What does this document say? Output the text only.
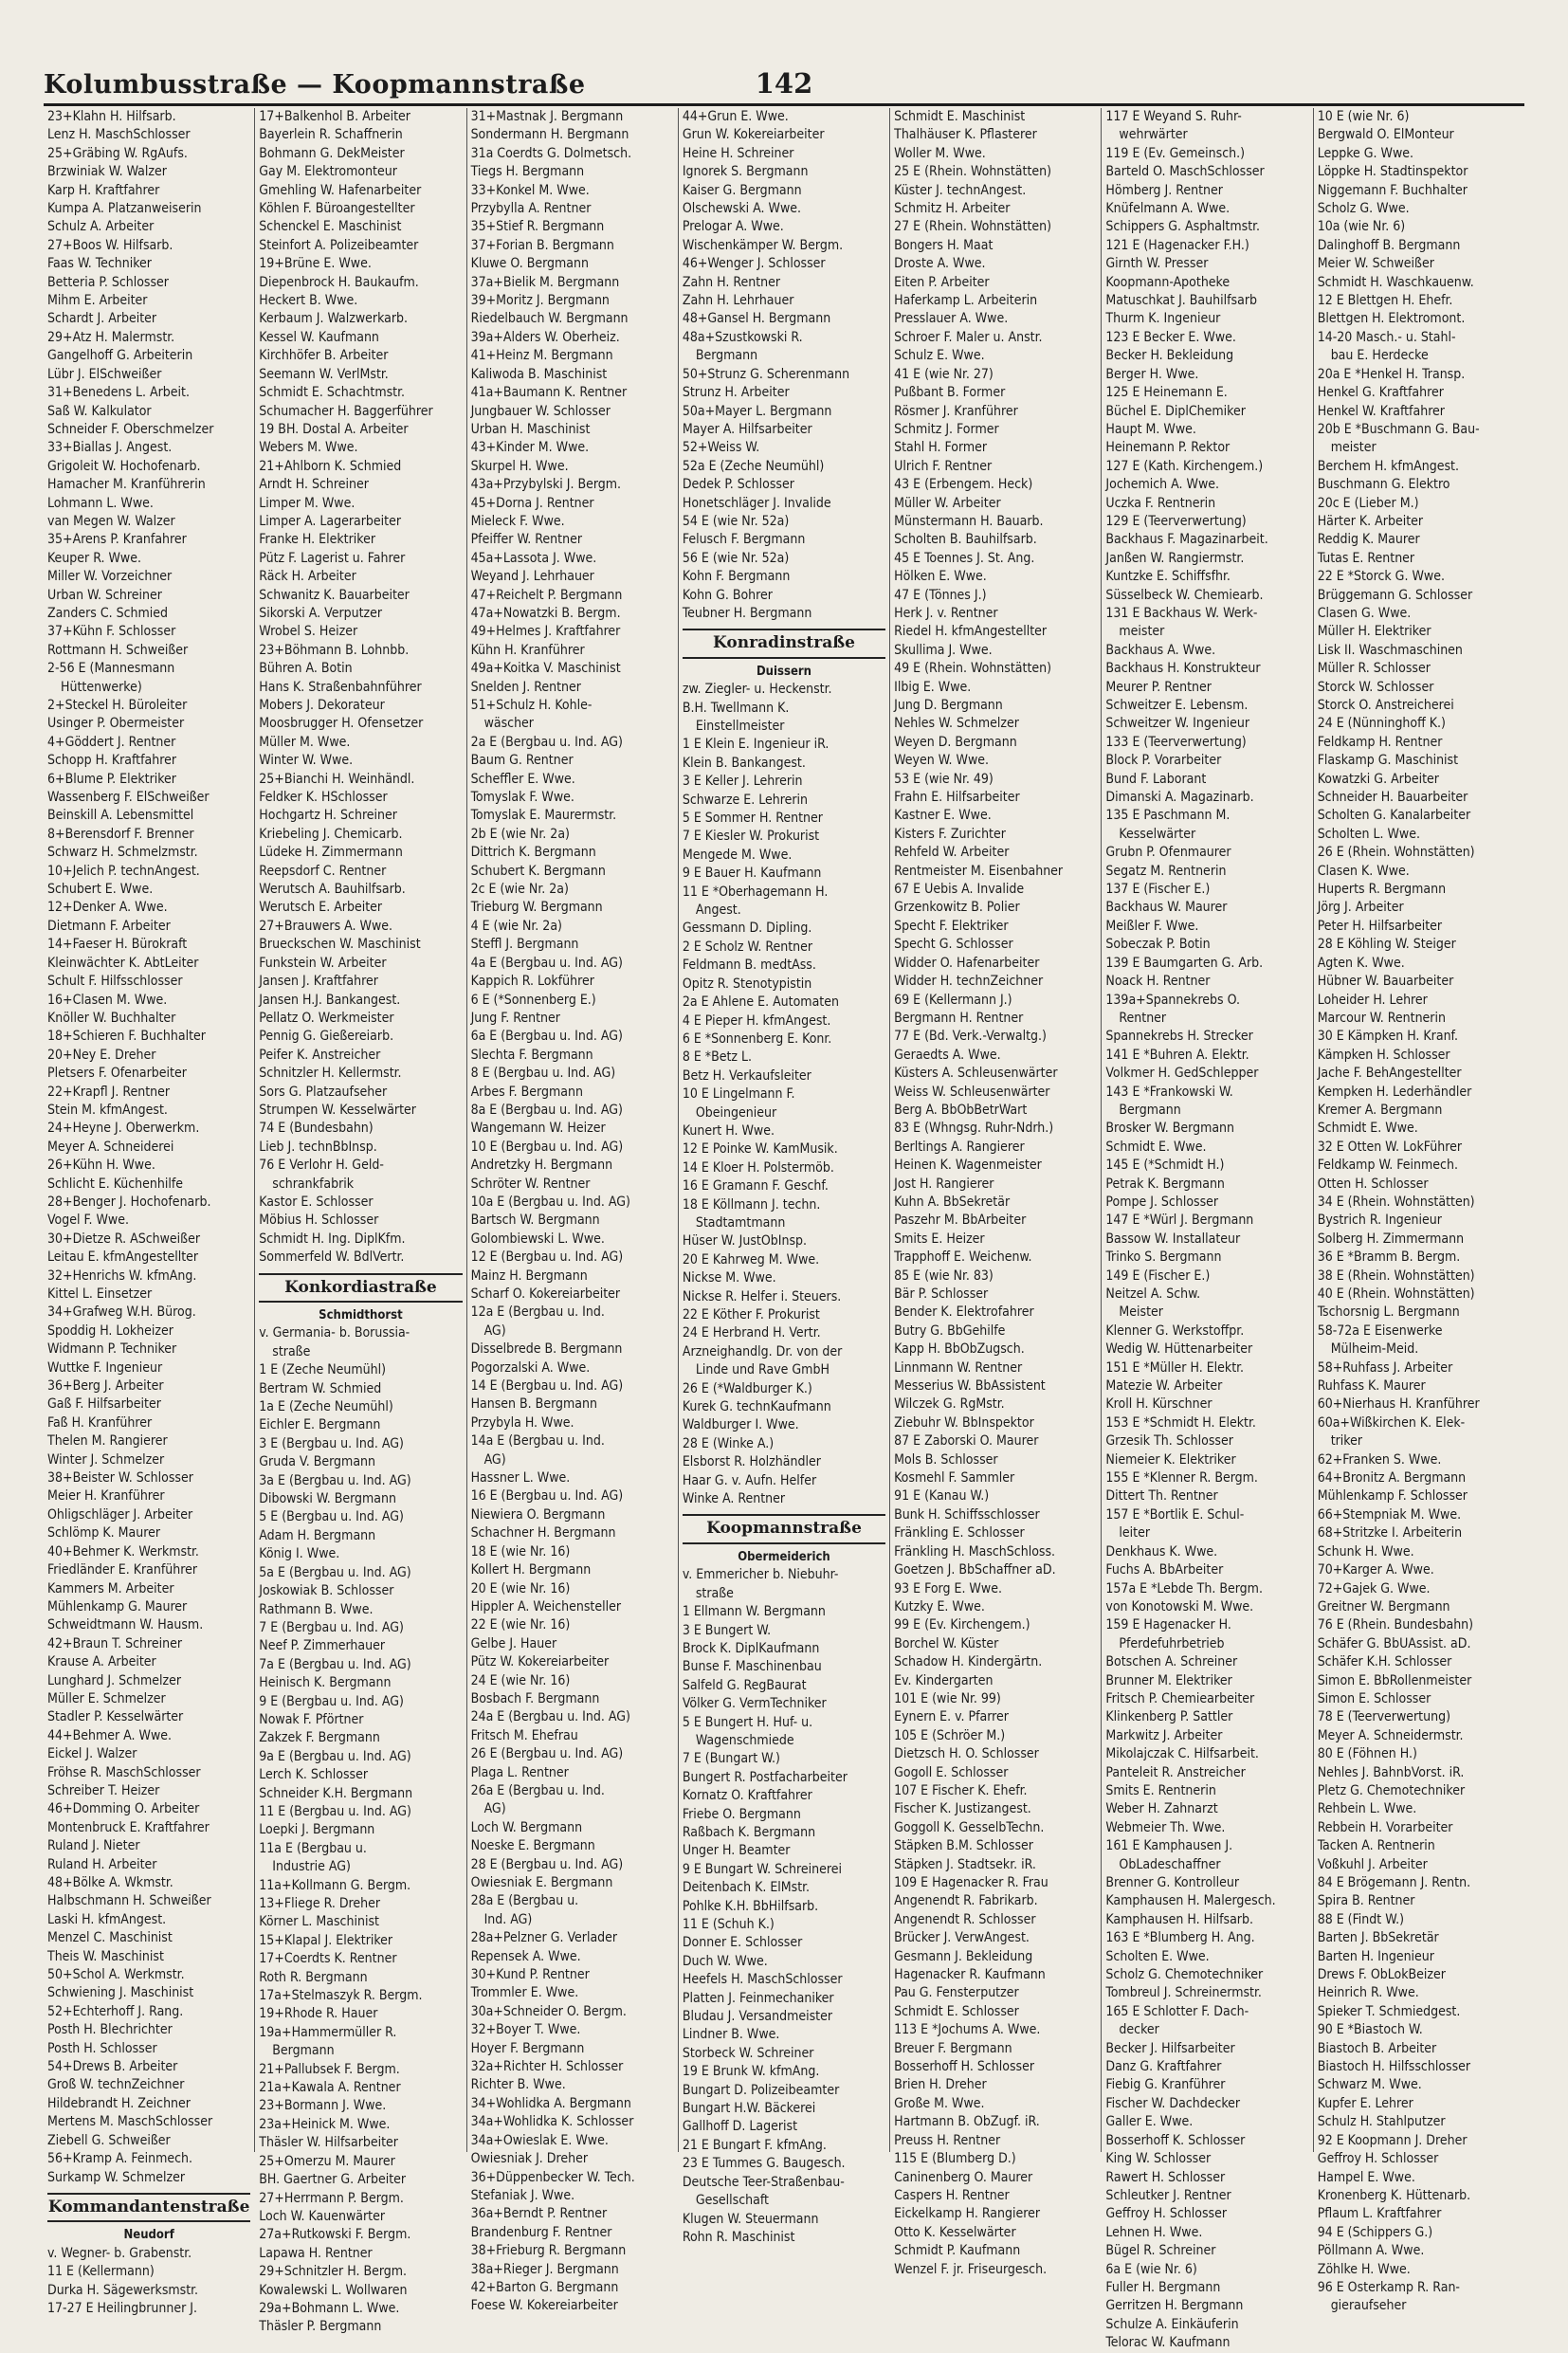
Kolumbusstraße — Koopmannstraße	142
23+Klahn H. Hilfsarb.
Lenz H. MaschSchlosser
25+Gräbing W. RgAufs.
Brzwiniak W. Walzer
Karp H. Kraftfahrer
Kumpa A. Platzanweiserin
Schulz A. Arbeiter
27+Boos W. Hilfsarb.
Faas W. Techniker
Betteria P. Schlosser
Mihm E. Arbeiter
Schardt J. Arbeiter
29+Atz H. Malermstr.
Gangelhoff G. Arbeiterin
Lübr J. ElSchweißer
31+Benedens L. Arbeit.
Saß W. Kalkulator
Schneider F. Oberschmelzer
33+Biallas J. Angest.
Grigoleit W. Hochofenarb.
Hamacher M. Kranführerin
Lohmann L. Wwe.
van Megen W. Walzer
35+Arens P. Kranfahrer
Keuper R. Wwe.
Miller W. Vorzeichner
Urban W. Schreiner
Zanders C. Schmied
37+Kühn F. Schlosser
Rottmann H. Schweißer
2-56 E (Mannesmann
Hüttenwerke)
2+Steckel H. Büroleiter
Usinger P. Obermeister
4+Göddert J. Rentner
Schopp H. Kraftfahrer
6+Blume P. Elektriker
Wassenberg F. ElSchweißer
Beinskill A. Lebensmittel
8+Berensdorf F. Brenner
Schwarz H. Schmelzmstr.
10+Jelich P. technAngest.
Schubert E. Wwe.
12+Denker A. Wwe.
Dietmann F. Arbeiter
14+Faeser H. Bürokraft
Kleinwächter K. AbtLeiter
Schult F. Hilfsschlosser
16+Clasen M. Wwe.
Knöller W. Buchhalter
18+Schieren F. Buchhalter
20+Ney E. Dreher
Pletsers F. Ofenarbeiter
22+Krapfl J. Rentner
Stein M. kfmAngest.
24+Heyne J. Oberwerkm.
Meyer A. Schneiderei
26+Kühn H. Wwe.
Schlicht E. Küchenhilfe
28+Benger J. Hochofenarb.
Vogel F. Wwe.
30+Dietze R. ASchweißer
Leitau E. kfmAngestellter
32+Henrichs W. kfmAng.
Kittel L. Einsetzer
34+Grafweg W.H. Bürog.
Spoddig H. Lokheizer
Widmann P. Techniker
Wuttke F. Ingenieur
36+Berg J. Arbeiter
Gaß F. Hilfsarbeiter
Faß H. Kranführer
Thelen M. Rangierer
Winter J. Schmelzer
38+Beister W. Schlosser
Meier H. Kranführer
Ohligschläger J. Arbeiter
Schlömp K. Maurer
40+Behmer K. Werkmstr.
Friedländer E. Kranführer
Kammers M. Arbeiter
Mühlenkamp G. Maurer
Schweidtmann W. Hausm.
42+Braun T. Schreiner
Krause A. Arbeiter
Lunghard J. Schmelzer
Müller E. Schmelzer
Stadler P. Kesselwärter
44+Behmer A. Wwe.
Eickel J. Walzer
Fröhse R. MaschSchlosser
Schreiber T. Heizer
46+Domming O. Arbeiter
Montenbruck E. Kraftfahrer
Ruland J. Nieter
Ruland H. Arbeiter
48+Bölke A. Wkmstr.
Halbschmann H. Schweißer
Laski H. kfmAngest.
Menzel C. Maschinist
Theis W. Maschinist
50+Schol A. Werkmstr.
Schwiening J. Maschinist
52+Echterhoff J. Rang.
Posth H. Blechrichter
Posth H. Schlosser
54+Drews B. Arbeiter
Groß W. technZeichner
Hildebrandt H. Zeichner
Mertens M. MaschSchlosser
Ziebell G. Schweißer
56+Kramp A. Feinmech.
Surkamp W. Schmelzer
Kommandantenstraße
Neudorf
v. Wegner- b. Grabenstr.
11 E (Kellermann)
Durka H. Sägewerksmstr.
17-27 E Heilingbrunner J.
17+Balkenhol B. Arbeiter
Bayerlein R. Schaffnerin
Bohmann G. DekMeister
Gay M. Elektromonteur
Gmehling W. Hafenarbeiter
Köhlen F. Büroangestellter
Schenckel E. Maschinist
Steinfort A. Polizeibeamter
19+Brüne E. Wwe.
Diepenbrock H. Baukaufm.
Heckert B. Wwe.
Kerbaum J. Walzwerkarb.
Kessel W. Kaufmann
Kirchhöfer B. Arbeiter
Seemann W. VerlMstr.
Schmidt E. Schachtmstr.
Schumacher H. Baggerführer
19 BH. Dostal A. Arbeiter
Webers M. Wwe.
21+Ahlborn K. Schmied
Arndt H. Schreiner
Limper M. Wwe.
Limper A. Lagerarbeiter
Franke H. Elektriker
Pütz F. Lagerist u. Fahrer
Räck H. Arbeiter
Schwanitz K. Bauarbeiter
Sikorski A. Verputzer
Wrobel S. Heizer
23+Böhmann B. Lohnbb.
Bühren A. Botin
Hans K. Straßenbahnführer
Mobers J. Dekorateur
Moosbrugger H. Ofensetzer
Müller M. Wwe.
Winter W. Wwe.
25+Bianchi H. Weinhändl.
Feldker K. HSchlosser
Hochgartz H. Schreiner
Kriebeling J. Chemicarb.
Lüdeke H. Zimmermann
Reepsdorf C. Rentner
Werutsch A. Bauhilfsarb.
Werutsch E. Arbeiter
27+Brauwers A. Wwe.
Brueckschen W. Maschinist
Funkstein W. Arbeiter
Jansen J. Kraftfahrer
Jansen H.J. Bankangest.
Pellatz O. Werkmeister
Pennig G. Gießereiarb.
Peifer K. Anstreicher
Schnitzler H. Kellermstr.
Sors G. Platzaufseher
Strumpen W. Kesselwärter
74 E (Bundesbahn)
Lieb J. technBbInsp.
76 E Verlohr H. Geld-
schrankfabrik
Kastor E. Schlosser
Möbius H. Schlosser
Schmidt H. Ing. DiplKfm.
Sommerfeld W. BdlVertr.
Konkordiastraße
Schmidthorst
v. Germania- b. Borussia-
straße
1 E (Zeche Neumühl)
Bertram W. Schmied
1a E (Zeche Neumühl)
Eichler E. Bergmann
3 E (Bergbau u. Ind. AG)
Gruda V. Bergmann
3a E (Bergbau u. Ind. AG)
Dibowski W. Bergmann
5 E (Bergbau u. Ind. AG)
Adam H. Bergmann
König I. Wwe.
5a E (Bergbau u. Ind. AG)
Joskowiak B. Schlosser
Rathmann B. Wwe.
7 E (Bergbau u. Ind. AG)
Neef P. Zimmerhauer
7a E (Bergbau u. Ind. AG)
Heinisch K. Bergmann
9 E (Bergbau u. Ind. AG)
Nowak F. Pförtner
Zakzek F. Bergmann
9a E (Bergbau u. Ind. AG)
Lerch K. Schlosser
Schneider K.H. Bergmann
11 E (Bergbau u. Ind. AG)
Loepki J. Bergmann
11a E (Bergbau u.
Industrie AG)
11a+Kollmann G. Bergm.
13+Fliege R. Dreher
Körner L. Maschinist
15+Klapal J. Elektriker
17+Coerdts K. Rentner
Roth R. Bergmann
17a+Stelmaszyk R. Bergm.
19+Rhode R. Hauer
19a+Hammermüller R.
Bergmann
21+Pallubsek F. Bergm.
21a+Kawala A. Rentner
23+Bormann J. Wwe.
23a+Heinick M. Wwe.
Thäsler W. Hilfsarbeiter
25+Omerzu M. Maurer
BH. Gaertner G. Arbeiter
27+Herrmann P. Bergm.
Loch W. Kauenwärter
27a+Rutkowski F. Bergm.
Lapawa H. Rentner
29+Schnitzler H. Bergm.
Kowalewski L. Wollwaren
29a+Bohmann L. Wwe.
Thäsler P. Bergmann
31+Mastnak J. Bergmann
Sondermann H. Bergmann
31a Coerdts G. Dolmetsch.
Tiegs H. Bergmann
33+Konkel M. Wwe.
Przybylla A. Rentner
35+Stief R. Bergmann
37+Forian B. Bergmann
Kluwe O. Bergmann
37a+Bielik M. Bergmann
39+Moritz J. Bergmann
Riedelbauch W. Bergmann
39a+Alders W. Oberheiz.
41+Heinz M. Bergmann
Kaliwoda B. Maschinist
41a+Baumann K. Rentner
Jungbauer W. Schlosser
Urban H. Maschinist
43+Kinder M. Wwe.
Skurpel H. Wwe.
43a+Przybylski J. Bergm.
45+Dorna J. Rentner
Mieleck F. Wwe.
Pfeiffer W. Rentner
45a+Lassota J. Wwe.
Weyand J. Lehrhauer
47+Reichelt P. Bergmann
47a+Nowatzki B. Bergm.
49+Helmes J. Kraftfahrer
Kühn H. Kranführer
49a+Koitka V. Maschinist
Snelden J. Rentner
51+Schulz H. Kohle-
wäscher
2a E (Bergbau u. Ind. AG)
Baum G. Rentner
Scheffler E. Wwe.
Tomyslak F. Wwe.
Tomyslak E. Maurermstr.
2b E (wie Nr. 2a)
Dittrich K. Bergmann
Schubert K. Bergmann
2c E (wie Nr. 2a)
Trieburg W. Bergmann
4 E (wie Nr. 2a)
Steffl J. Bergmann
4a E (Bergbau u. Ind. AG)
Kappich R. Lokführer
6 E (*Sonnenberg E.)
Jung F. Rentner
6a E (Bergbau u. Ind. AG)
Slechta F. Bergmann
8 E (Bergbau u. Ind. AG)
Arbes F. Bergmann
8a E (Bergbau u. Ind. AG)
Wangemann W. Heizer
10 E (Bergbau u. Ind. AG)
Andretzky H. Bergmann
Schröter W. Rentner
10a E (Bergbau u. Ind. AG)
Bartsch W. Bergmann
Golombiewski L. Wwe.
12 E (Bergbau u. Ind. AG)
Mainz H. Bergmann
Scharf O. Kokereiarbeiter
12a E (Bergbau u. Ind.
AG)
Disselbrede B. Bergmann
Pogorzalski A. Wwe.
14 E (Bergbau u. Ind. AG)
Hansen B. Bergmann
Przybyla H. Wwe.
14a E (Bergbau u. Ind.
AG)
Hassner L. Wwe.
16 E (Bergbau u. Ind. AG)
Niewiera O. Bergmann
Schachner H. Bergmann
18 E (wie Nr. 16)
Kollert H. Bergmann
20 E (wie Nr. 16)
Hippler A. Weichensteller
22 E (wie Nr. 16)
Gelbe J. Hauer
Pütz W. Kokereiarbeiter
24 E (wie Nr. 16)
Bosbach F. Bergmann
24a E (Bergbau u. Ind. AG)
Fritsch M. Ehefrau
26 E (Bergbau u. Ind. AG)
Plaga L. Rentner
26a E (Bergbau u. Ind.
AG)
Loch W. Bergmann
Noeske E. Bergmann
28 E (Bergbau u. Ind. AG)
Owiesniak E. Bergmann
28a E (Bergbau u.
Ind. AG)
28a+Pelzner G. Verlader
Repensek A. Wwe.
30+Kund P. Rentner
Trommler E. Wwe.
30a+Schneider O. Bergm.
32+Boyer T. Wwe.
Hoyer F. Bergmann
32a+Richter H. Schlosser
Richter B. Wwe.
34+Wohlidka A. Bergmann
34a+Wohlidka K. Schlosser
34a+Owieslak E. Wwe.
Owiesniak J. Dreher
36+Düppenbecker W. Tech.
Stefaniak J. Wwe.
36a+Berndt P. Rentner
Brandenburg F. Rentner
38+Frieburg R. Bergmann
38a+Rieger J. Bergmann
42+Barton G. Bergmann
Foese W. Kokereiarbeiter
44+Grun E. Wwe.
Grun W. Kokereiarbeiter
Heine H. Schreiner
Ignorek S. Bergmann
Kaiser G. Bergmann
Olschewski A. Wwe.
Prelogar A. Wwe.
Wischenkämper W. Bergm.
46+Wenger J. Schlosser
Zahn H. Rentner
Zahn H. Lehrhauer
48+Gansel H. Bergmann
48a+Szustkowski R.
Bergmann
50+Strunz G. Scherenmann
Strunz H. Arbeiter
50a+Mayer L. Bergmann
Mayer A. Hilfsarbeiter
52+Weiss W.
52a E (Zeche Neumühl)
Dedek P. Schlosser
Honetschläger J. Invalide
54 E (wie Nr. 52a)
Felusch F. Bergmann
56 E (wie Nr. 52a)
Kohn F. Bergmann
Kohn G. Bohrer
Teubner H. Bergmann
Konradinstraße
Duissern
zw. Ziegler- u. Heckenstr.
B.H. Twellmann K.
Einstellmeister
1 E Klein E. Ingenieur iR.
Klein B. Bankangest.
3 E Keller J. Lehrerin
Schwarze E. Lehrerin
5 E Sommer H. Rentner
7 E Kiesler W. Prokurist
Mengede M. Wwe.
9 E Bauer H. Kaufmann
11 E *Oberhagemann H.
Angest.
Gessmann D. Dipling.
2 E Scholz W. Rentner
Feldmann B. medtAss.
Opitz R. Stenotypistin
2a E Ahlene E. Automaten
4 E Pieper H. kfmAngest.
6 E *Sonnenberg E. Konr.
8 E *Betz L.
Betz H. Verkaufsleiter
10 E Lingelmann F.
Obeingenieur
Kunert H. Wwe.
12 E Poinke W. KamMusik.
14 E Kloer H. Polstermöb.
16 E Gramann F. Geschf.
18 E Köllmann J. techn.
Stadtamtmann
Hüser W. JustObInsp.
20 E Kahrweg M. Wwe.
Nickse M. Wwe.
Nickse R. Helfer i. Steuers.
22 E Köther F. Prokurist
24 E Herbrand H. Vertr.
Arzneighandlg. Dr. von der
Linde und Rave GmbH
26 E (*Waldburger K.)
Kurek G. technKaufmann
Waldburger I. Wwe.
28 E (Winke A.)
Elsborst R. Holzhändler
Haar G. v. Aufn. Helfer
Winke A. Rentner
Koopmannstraße
Obermeiderich
v. Emmericher b. Niebuhr-
straße
1 Ellmann W. Bergmann
3 E Bungert W.
Brock K. DiplKaufmann
Bunse F. Maschinenbau
Salfeld G. RegBaurat
Völker G. VermTechniker
5 E Bungert H. Huf- u.
Wagenschmiede
7 E (Bungart W.)
Bungert R. Postfacharbeiter
Kornatz O. Kraftfahrer
Friebe O. Bergmann
Raßbach K. Bergmann
Unger H. Beamter
9 E Bungart W. Schreinerei
Deitenbach K. ElMstr.
Pohlke K.H. BbHilfsarb.
11 E (Schuh K.)
Donner E. Schlosser
Duch W. Wwe.
Heefels H. MaschSchlosser
Platten J. Feinmechaniker
Bludau J. Versandmeister
Lindner B. Wwe.
Storbeck W. Schreiner
19 E Brunk W. kfmAng.
Bungart D. Polizeibeamter
Bungart H.W. Bäckerei
Gallhoff D. Lagerist
21 E Bungart F. kfmAng.
23 E Tummes G. Baugesch.
Deutsche Teer-Straßenbau-
Gesellschaft
Klugen W. Steuermann
Rohn R. Maschinist
Schmidt E. Maschinist
Thalhäuser K. Pflasterer
Woller M. Wwe.
25 E (Rhein. Wohnstätten)
Küster J. technAngest.
Schmitz H. Arbeiter
27 E (Rhein. Wohnstätten)
Bongers H. Maat
Droste A. Wwe.
Eiten P. Arbeiter
Haferkamp L. Arbeiterin
Presslauer A. Wwe.
Schroer F. Maler u. Anstr.
Schulz E. Wwe.
41 E (wie Nr. 27)
Pußbant B. Former
Rösmer J. Kranführer
Schmitz J. Former
Stahl H. Former
Ulrich F. Rentner
43 E (Erbengem. Heck)
Müller W. Arbeiter
Münstermann H. Bauarb.
Scholten B. Bauhilfsarb.
45 E Toennes J. St. Ang.
Hölken E. Wwe.
47 E (Tönnes J.)
Herk J. v. Rentner
Riedel H. kfmAngestellter
Skullima J. Wwe.
49 E (Rhein. Wohnstätten)
Ilbig E. Wwe.
Jung D. Bergmann
Nehles W. Schmelzer
Weyen D. Bergmann
Weyen W. Wwe.
53 E (wie Nr. 49)
Frahn E. Hilfsarbeiter
Kastner E. Wwe.
Kisters F. Zurichter
Rehfeld W. Arbeiter
Rentmeister M. Eisenbahner
67 E Uebis A. Invalide
Grzenkowitz B. Polier
Specht F. Elektriker
Specht G. Schlosser
Widder O. Hafenarbeiter
Widder H. technZeichner
69 E (Kellermann J.)
Bergmann H. Rentner
77 E (Bd. Verk.-Verwaltg.)
Geraedts A. Wwe.
Küsters A. Schleusenwärter
Weiss W. Schleusenwärter
Berg A. BbObBetrWart
83 E (Whngsg. Ruhr-Ndrh.)
Berltings A. Rangierer
Heinen K. Wagenmeister
Jost H. Rangierer
Kuhn A. BbSekretär
Paszehr M. BbArbeiter
Smits E. Heizer
Trapphoff E. Weichenw.
85 E (wie Nr. 83)
Bär P. Schlosser
Bender K. Elektrofahrer
Butry G. BbGehilfe
Kapp H. BbObZugsch.
Linnmann W. Rentner
Messerius W. BbAssistent
Wilczek G. RgMstr.
Ziebuhr W. BbInspektor
87 E Zaborski O. Maurer
Mols B. Schlosser
Kosmehl F. Sammler
91 E (Kanau W.)
Bunk H. Schiffsschlosser
Fränkling E. Schlosser
Fränkling H. MaschSchloss.
Goetzen J. BbSchaffner aD.
93 E Forg E. Wwe.
Kutzky E. Wwe.
99 E (Ev. Kirchengem.)
Borchel W. Küster
Schadow H. Kindergärtn.
Ev. Kindergarten
101 E (wie Nr. 99)
Eynern E. v. Pfarrer
105 E (Schröer M.)
Dietzsch H. O. Schlosser
Gogoll E. Schlosser
107 E Fischer K. Ehefr.
Fischer K. Justizangest.
Goggoll K. GesselbTechn.
Stäpken B.M. Schlosser
Stäpken J. Stadtsekr. iR.
109 E Hagenacker R. Frau
Angenendt R. Fabrikarb.
Angenendt R. Schlosser
Brücker J. VerwAngest.
Gesmann J. Bekleidung
Hagenacker R. Kaufmann
Pau G. Fensterputzer
Schmidt E. Schlosser
113 E *Jochums A. Wwe.
Breuer F. Bergmann
Bosserhoff H. Schlosser
Brien H. Dreher
Große M. Wwe.
Hartmann B. ObZugf. iR.
Preuss H. Rentner
115 E (Blumberg D.)
Caninenberg O. Maurer
Caspers H. Rentner
Eickelkamp H. Rangierer
Otto K. Kesselwärter
Schmidt P. Kaufmann
Wenzel F. jr. Friseurgesch.
117 E Weyand S. Ruhr-
wehrwärter
119 E (Ev. Gemeinsch.)
Barteld O. MaschSchlosser
Hömberg J. Rentner
Knüfelmann A. Wwe.
Schippers G. Asphaltmstr.
121 E (Hagenacker F.H.)
Girnth W. Presser
Koopmann-Apotheke
Matuschkat J. Bauhilfsarb
Thurm K. Ingenieur
123 E Becker E. Wwe.
Becker H. Bekleidung
Berger H. Wwe.
125 E Heinemann E.
Büchel E. DiplChemiker
Haupt M. Wwe.
Heinemann P. Rektor
127 E (Kath. Kirchengem.)
Jochemich A. Wwe.
Uczka F. Rentnerin
129 E (Teerverwertung)
Backhaus F. Magazinarbeit.
Janßen W. Rangiermstr.
Kuntzke E. Schiffsfhr.
Süsselbeck W. Chemiearb.
131 E Backhaus W. Werk-
meister
Backhaus A. Wwe.
Backhaus H. Konstrukteur
Meurer P. Rentner
Schweitzer E. Lebensm.
Schweitzer W. Ingenieur
133 E (Teerverwertung)
Block P. Vorarbeiter
Bund F. Laborant
Dimanski A. Magazinarb.
135 E Paschmann M.
Kesselwärter
Grubn P. Ofenmaurer
Segatz M. Rentnerin
137 E (Fischer E.)
Backhaus W. Maurer
Meißler F. Wwe.
Sobeczak P. Botin
139 E Baumgarten G. Arb.
Noack H. Rentner
139a+Spannekrebs O.
Rentner
Spannekrebs H. Strecker
141 E *Buhren A. Elektr.
Volkmer H. GedSchlepper
143 E *Frankowski W.
Bergmann
Brosker W. Bergmann
Schmidt E. Wwe.
145 E (*Schmidt H.)
Petrak K. Bergmann
Pompe J. Schlosser
147 E *Würl J. Bergmann
Bassow W. Installateur
Trinko S. Bergmann
149 E (Fischer E.)
Neitzel A. Schw.
Meister
Klenner G. Werkstoffpr.
Wedig W. Hüttenarbeiter
151 E *Müller H. Elektr.
Matezie W. Arbeiter
Kroll H. Kürschner
153 E *Schmidt H. Elektr.
Grzesik Th. Schlosser
Niemeier K. Elektriker
155 E *Klenner R. Bergm.
Dittert Th. Rentner
157 E *Bortlik E. Schul-
leiter
Denkhaus K. Wwe.
Fuchs A. BbArbeiter
157a E *Lebde Th. Bergm.
von Konotowski M. Wwe.
159 E Hagenacker H.
Pferdefuhrbetrieb
Botschen A. Schreiner
Brunner M. Elektriker
Fritsch P. Chemiearbeiter
Klinkenberg P. Sattler
Markwitz J. Arbeiter
Mikolajczak C. Hilfsarbeit.
Panteleit R. Anstreicher
Smits E. Rentnerin
Weber H. Zahnarzt
Webmeier Th. Wwe.
161 E Kamphausen J.
ObLadeschaffner
Brenner G. Kontrolleur
Kamphausen H. Malergesch.
Kamphausen H. Hilfsarb.
163 E *Blumberg H. Ang.
Scholten E. Wwe.
Scholz G. Chemotechniker
Tombreul J. Schreinermstr.
165 E Schlotter F. Dach-
decker
Becker J. Hilfsarbeiter
Danz G. Kraftfahrer
Fiebig G. Kranführer
Fischer W. Dachdecker
Galler E. Wwe.
Bosserhoff K. Schlosser
King W. Schlosser
Rawert H. Schlosser
Schleutker J. Rentner
Geffroy H. Schlosser
Lehnen H. Wwe.
Bügel R. Schreiner
6a E (wie Nr. 6)
Fuller H. Bergmann
Gerritzen H. Bergmann
Schulze A. Einkäuferin
Telorac W. Kaufmann
10 E (wie Nr. 6)
Bergwald O. ElMonteur
Leppke G. Wwe.
Löppke H. Stadtinspektor
Niggemann F. Buchhalter
Scholz G. Wwe.
10a (wie Nr. 6)
Dalinghoff B. Bergmann
Meier W. Schweißer
Schmidt H. Waschkauenw.
12 E Blettgen H. Ehefr.
Blettgen H. Elektromont.
14-20 Masch.- u. Stahl-
bau E. Herdecke
20a E *Henkel H. Transp.
Henkel G. Kraftfahrer
Henkel W. Kraftfahrer
20b E *Buschmann G. Bau-
meister
Berchem H. kfmAngest.
Buschmann G. Elektro
20c E (Lieber M.)
Härter K. Arbeiter
Reddig K. Maurer
Tutas E. Rentner
22 E *Storck G. Wwe.
Brüggemann G. Schlosser
Clasen G. Wwe.
Müller H. Elektriker
Lisk II. Waschmaschinen
Müller R. Schlosser
Storck W. Schlosser
Storck O. Anstreicherei
24 E (Nünninghoff K.)
Feldkamp H. Rentner
Flaskamp G. Maschinist
Kowatzki G. Arbeiter
Schneider H. Bauarbeiter
Scholten G. Kanalarbeiter
Scholten L. Wwe.
26 E (Rhein. Wohnstätten)
Clasen K. Wwe.
Huperts R. Bergmann
Jörg J. Arbeiter
Peter H. Hilfsarbeiter
28 E Köhling W. Steiger
Agten K. Wwe.
Hübner W. Bauarbeiter
Loheider H. Lehrer
Marcour W. Rentnerin
30 E Kämpken H. Kranf.
Kämpken H. Schlosser
Jache F. BehAngestellter
Kempken H. Lederhändler
Kremer A. Bergmann
Schmidt E. Wwe.
32 E Otten W. LokFührer
Feldkamp W. Feinmech.
Otten H. Schlosser
34 E (Rhein. Wohnstätten)
Bystrich R. Ingenieur
Solberg H. Zimmermann
36 E *Bramm B. Bergm.
38 E (Rhein. Wohnstätten)
40 E (Rhein. Wohnstätten)
Tschorsnig L. Bergmann
58-72a E Eisenwerke
Mülheim-Meid.
58+Ruhfass J. Arbeiter
Ruhfass K. Maurer
60+Nierhaus H. Kranführer
60a+Wißkirchen K. Elek-
triker
62+Franken S. Wwe.
64+Bronitz A. Bergmann
Mühlenkamp F. Schlosser
66+Stempniak M. Wwe.
68+Stritzke I. Arbeiterin
Schunk H. Wwe.
70+Karger A. Wwe.
72+Gajek G. Wwe.
Greitner W. Bergmann
76 E (Rhein. Bundesbahn)
Schäfer G. BbUAssist. aD.
Schäfer K.H. Schlosser
Simon E. BbRollenmeister
Simon E. Schlosser
78 E (Teerverwertung)
Meyer A. Schneidermstr.
80 E (Föhnen H.)
Nehles J. BahnbVorst. iR.
Pletz G. Chemotechniker
Rehbein L. Wwe.
Rebbein H. Vorarbeiter
Tacken A. Rentnerin
Voßkuhl J. Arbeiter
84 E Brögemann J. Rentn.
Spira B. Rentner
88 E (Findt W.)
Barten J. BbSekretär
Barten H. Ingenieur
Drews F. ObLokBeizer
Heinrich R. Wwe.
Spieker T. Schmiedgest.
90 E *Biastoch W.
Biastoch B. Arbeiter
Biastoch H. Hilfsschlosser
Schwarz M. Wwe.
Kupfer E. Lehrer
Schulz H. Stahlputzer
92 E Koopmann J. Dreher
Geffroy H. Schlosser
Hampel E. Wwe.
Kronenberg K. Hüttenarb.
Pflaum L. Kraftfahrer
94 E (Schippers G.)
Pöllmann A. Wwe.
Zöhlke H. Wwe.
96 E Osterkamp R. Ran-
gieraufseher
